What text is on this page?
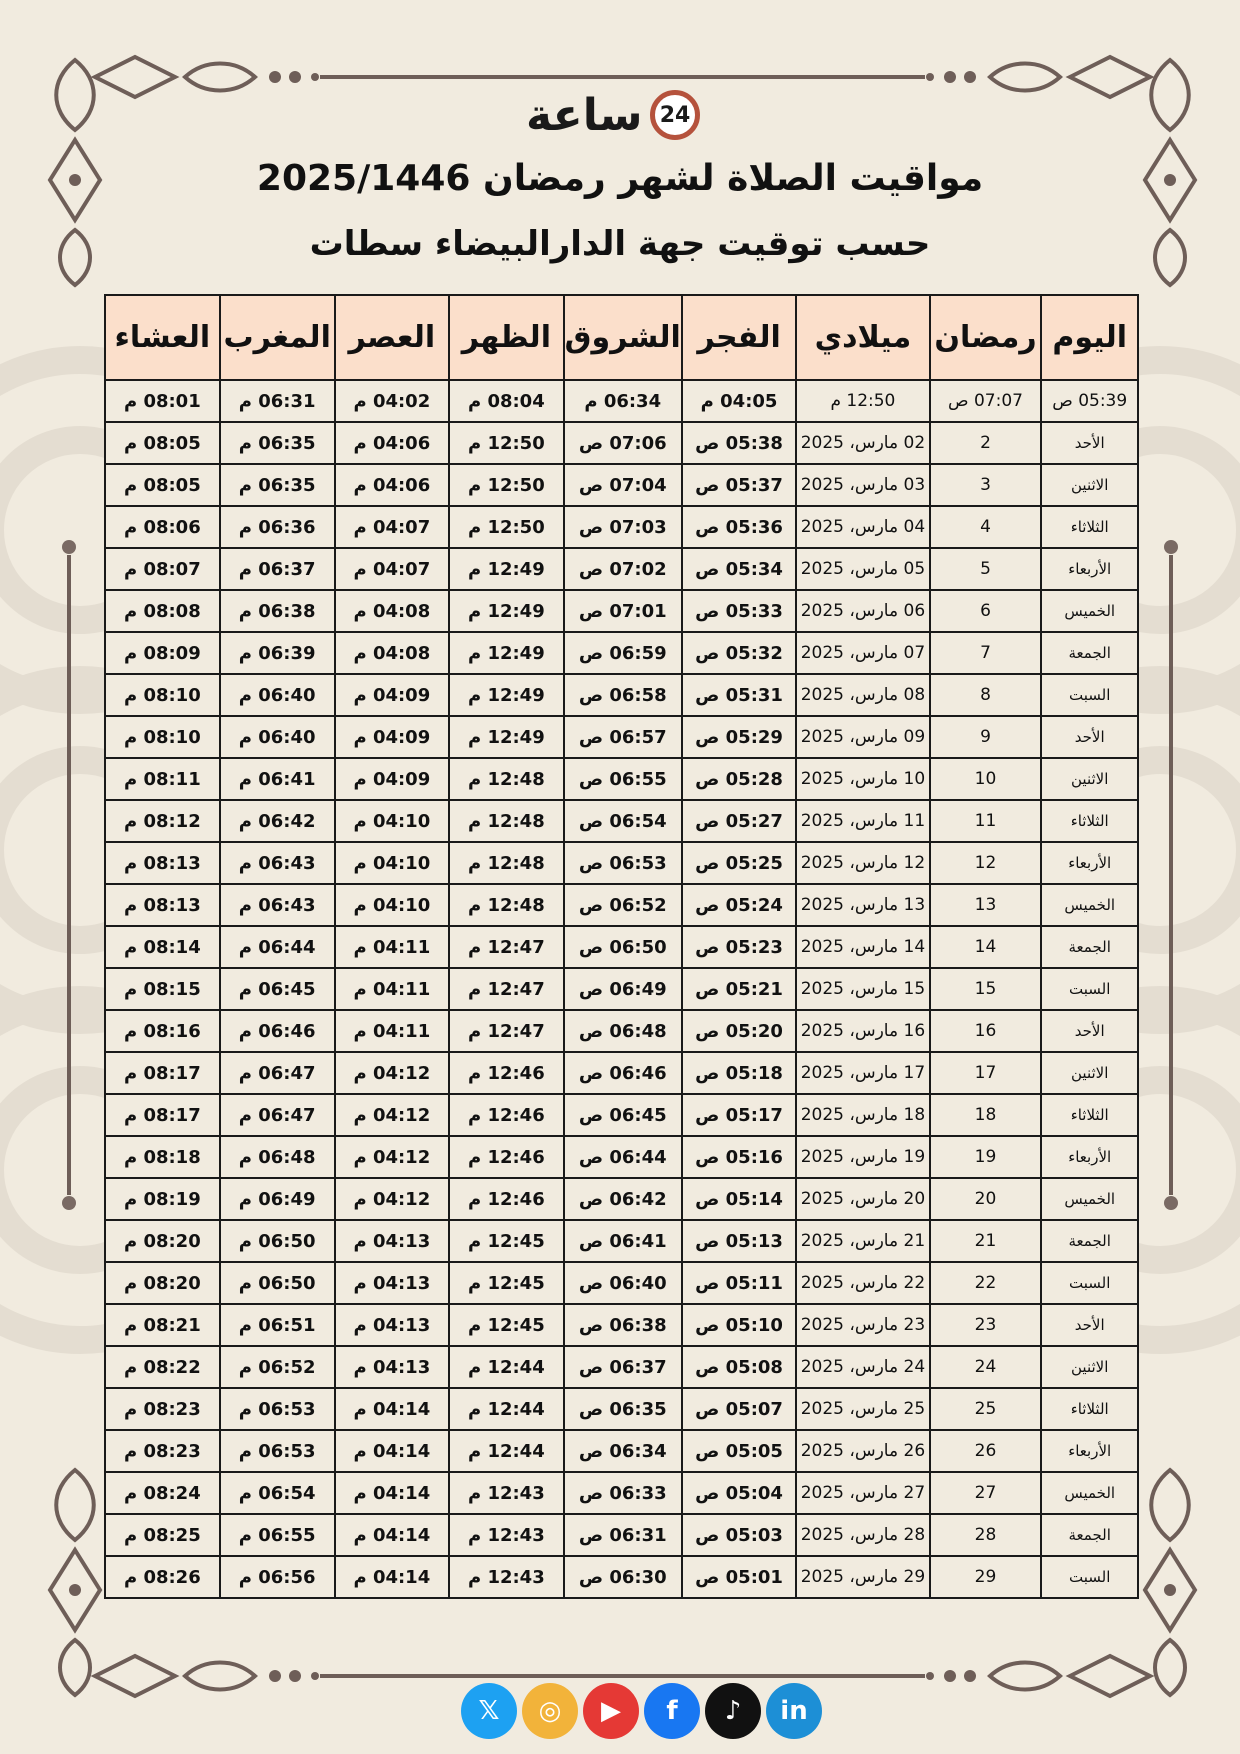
ساعة 24
مواقيت الصلاة لشهر رمضان 2025/1446
حسب توقيت جهة الدارالبيضاء سطات
اليوم	رمضان	ميلادي	الفجر	الشروق	الظهر	العصر	المغرب	العشاء
05:39 ص	07:07 ص	12:50 م	04:05 م	06:34 م	08:04 م	04:02 م	06:31 م	08:01 م
الأحد	2	02 مارس، 2025	05:38 ص	07:06 ص	12:50 م	04:06 م	06:35 م	08:05 م
الاثنين	3	03 مارس، 2025	05:37 ص	07:04 ص	12:50 م	04:06 م	06:35 م	08:05 م
الثلاثاء	4	04 مارس، 2025	05:36 ص	07:03 ص	12:50 م	04:07 م	06:36 م	08:06 م
الأربعاء	5	05 مارس، 2025	05:34 ص	07:02 ص	12:49 م	04:07 م	06:37 م	08:07 م
الخميس	6	06 مارس، 2025	05:33 ص	07:01 ص	12:49 م	04:08 م	06:38 م	08:08 م
الجمعة	7	07 مارس، 2025	05:32 ص	06:59 ص	12:49 م	04:08 م	06:39 م	08:09 م
السبت	8	08 مارس، 2025	05:31 ص	06:58 ص	12:49 م	04:09 م	06:40 م	08:10 م
الأحد	9	09 مارس، 2025	05:29 ص	06:57 ص	12:49 م	04:09 م	06:40 م	08:10 م
الاثنين	10	10 مارس، 2025	05:28 ص	06:55 ص	12:48 م	04:09 م	06:41 م	08:11 م
الثلاثاء	11	11 مارس، 2025	05:27 ص	06:54 ص	12:48 م	04:10 م	06:42 م	08:12 م
الأربعاء	12	12 مارس، 2025	05:25 ص	06:53 ص	12:48 م	04:10 م	06:43 م	08:13 م
الخميس	13	13 مارس، 2025	05:24 ص	06:52 ص	12:48 م	04:10 م	06:43 م	08:13 م
الجمعة	14	14 مارس، 2025	05:23 ص	06:50 ص	12:47 م	04:11 م	06:44 م	08:14 م
السبت	15	15 مارس، 2025	05:21 ص	06:49 ص	12:47 م	04:11 م	06:45 م	08:15 م
الأحد	16	16 مارس، 2025	05:20 ص	06:48 ص	12:47 م	04:11 م	06:46 م	08:16 م
الاثنين	17	17 مارس، 2025	05:18 ص	06:46 ص	12:46 م	04:12 م	06:47 م	08:17 م
الثلاثاء	18	18 مارس، 2025	05:17 ص	06:45 ص	12:46 م	04:12 م	06:47 م	08:17 م
الأربعاء	19	19 مارس، 2025	05:16 ص	06:44 ص	12:46 م	04:12 م	06:48 م	08:18 م
الخميس	20	20 مارس، 2025	05:14 ص	06:42 ص	12:46 م	04:12 م	06:49 م	08:19 م
الجمعة	21	21 مارس، 2025	05:13 ص	06:41 ص	12:45 م	04:13 م	06:50 م	08:20 م
السبت	22	22 مارس، 2025	05:11 ص	06:40 ص	12:45 م	04:13 م	06:50 م	08:20 م
الأحد	23	23 مارس، 2025	05:10 ص	06:38 ص	12:45 م	04:13 م	06:51 م	08:21 م
الاثنين	24	24 مارس، 2025	05:08 ص	06:37 ص	12:44 م	04:13 م	06:52 م	08:22 م
الثلاثاء	25	25 مارس، 2025	05:07 ص	06:35 ص	12:44 م	04:14 م	06:53 م	08:23 م
الأربعاء	26	26 مارس، 2025	05:05 ص	06:34 ص	12:44 م	04:14 م	06:53 م	08:23 م
الخميس	27	27 مارس، 2025	05:04 ص	06:33 ص	12:43 م	04:14 م	06:54 م	08:24 م
الجمعة	28	28 مارس، 2025	05:03 ص	06:31 ص	12:43 م	04:14 م	06:55 م	08:25 م
السبت	29	29 مارس، 2025	05:01 ص	06:30 ص	12:43 م	04:14 م	06:56 م	08:26 م
𝕏	◎	▶	f	♪	in
